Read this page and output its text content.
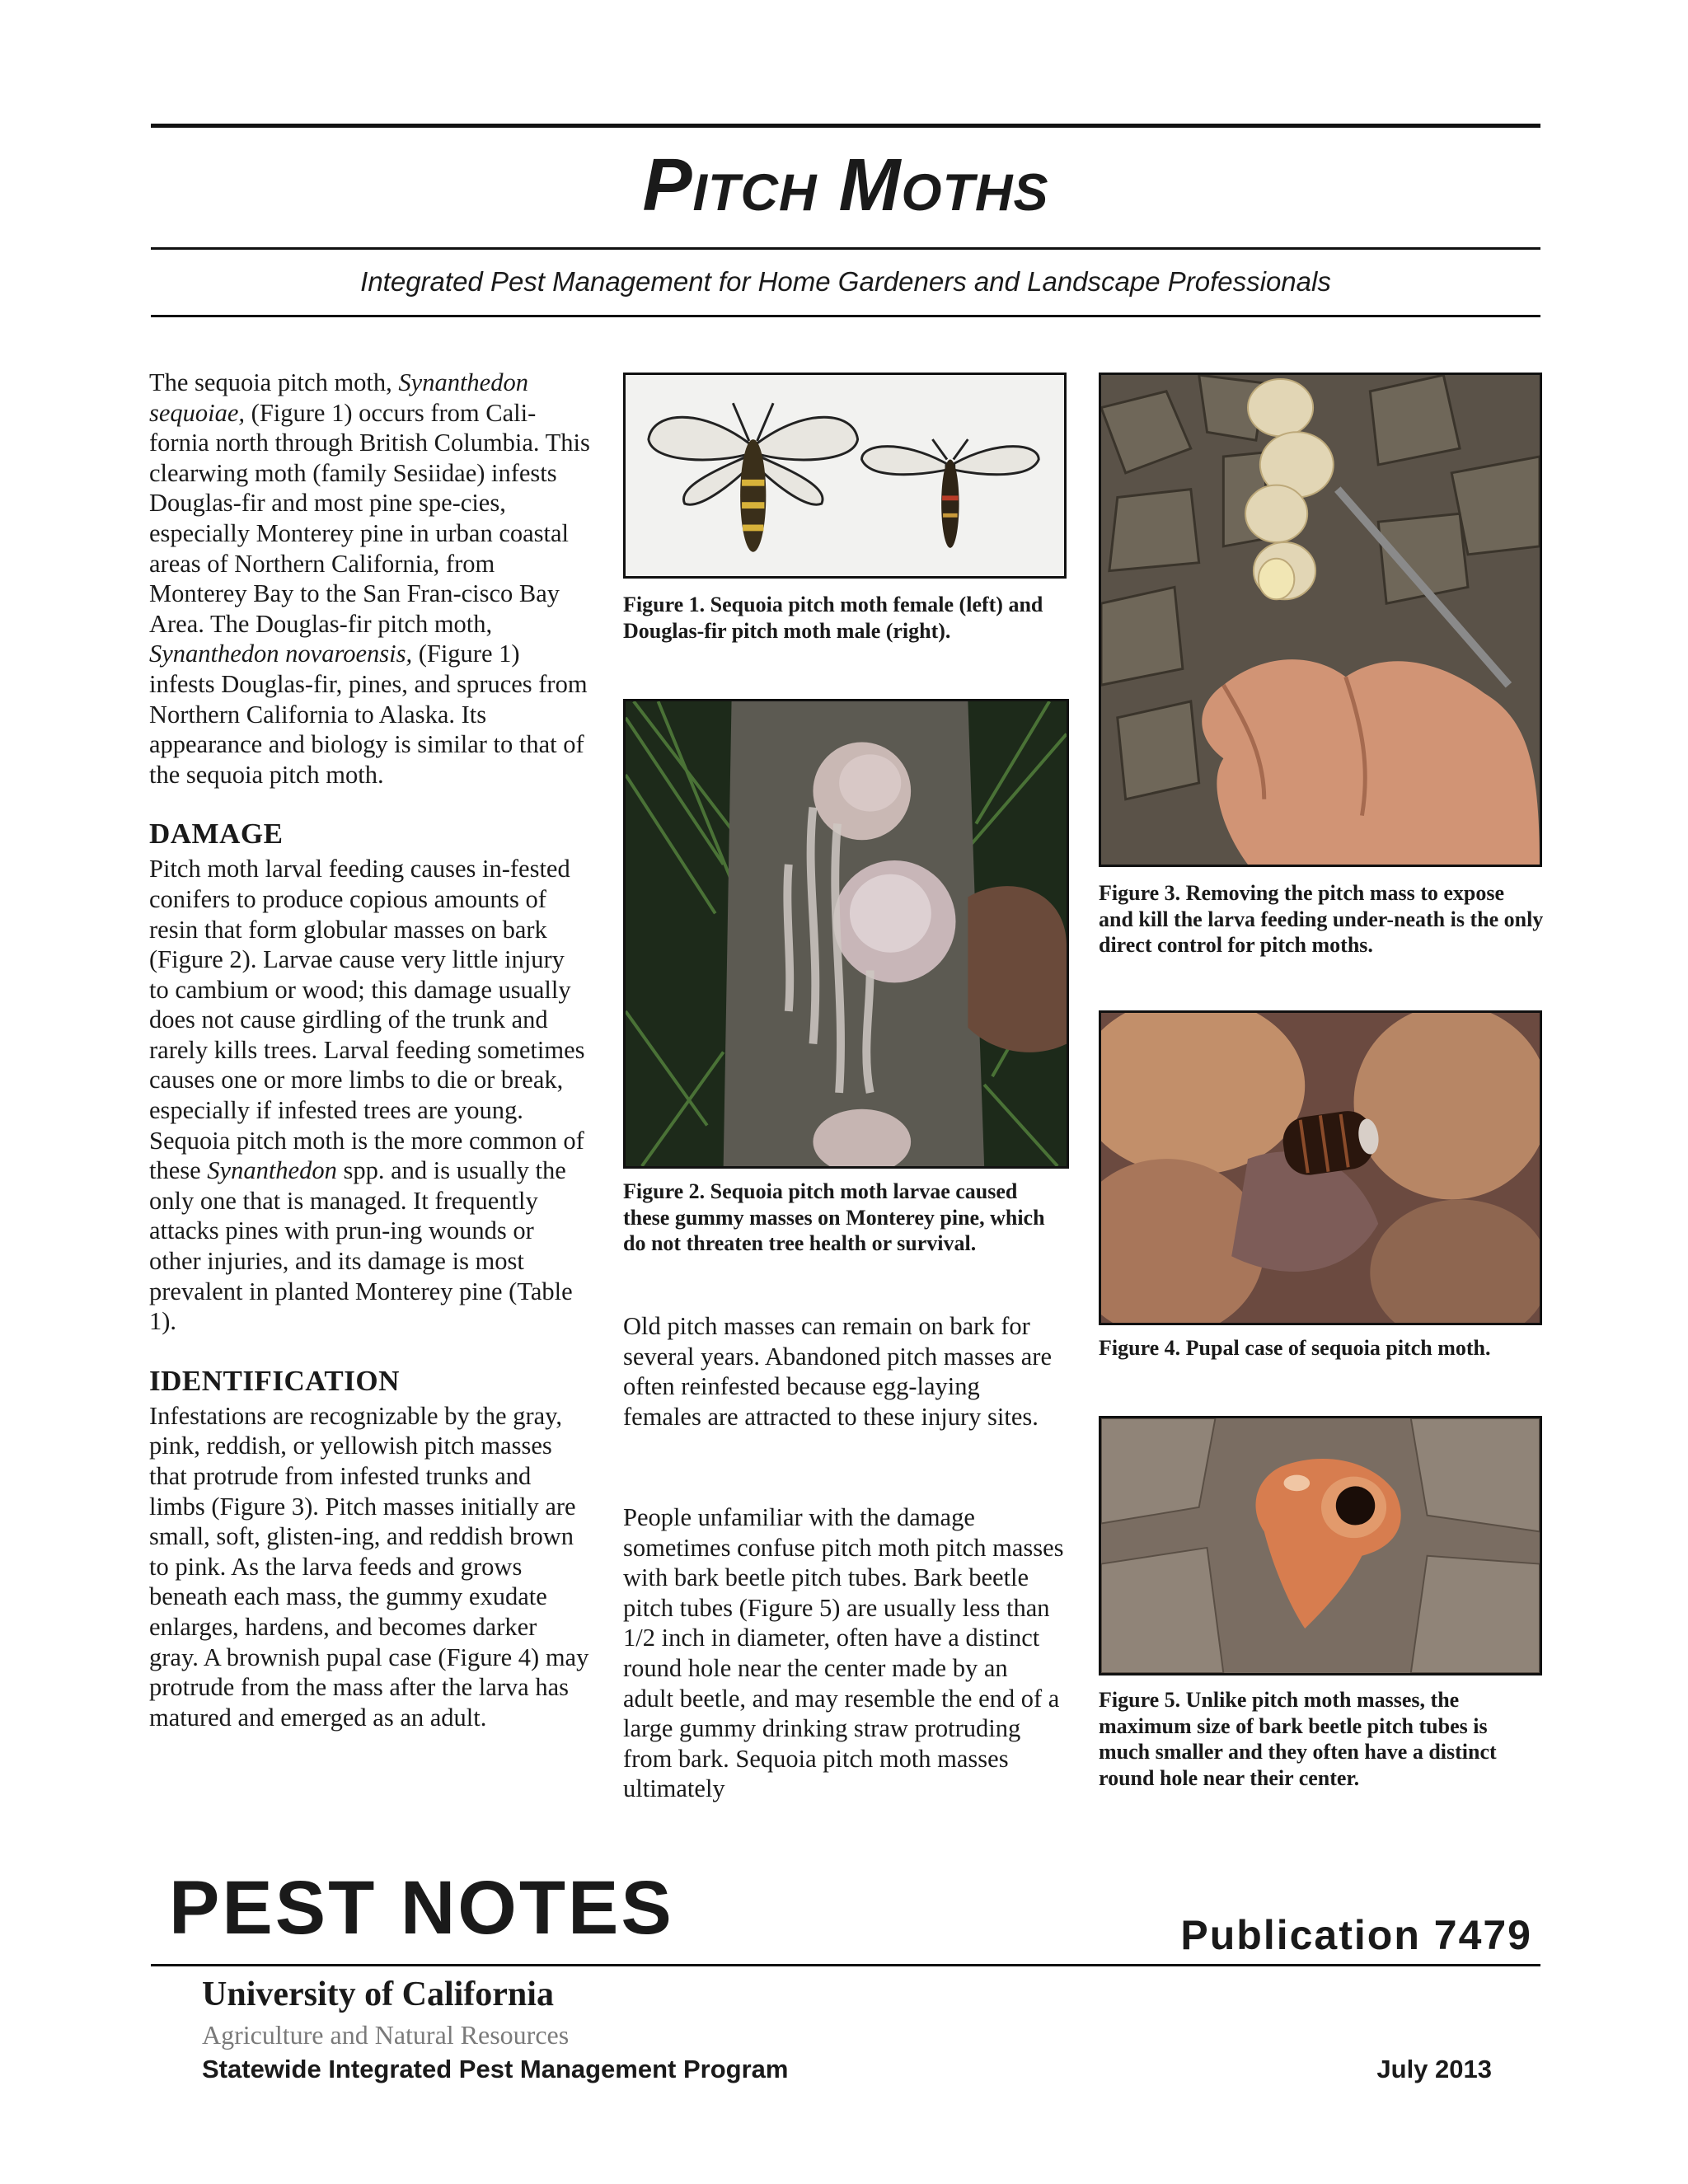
Pitch Moths
Integrated Pest Management for Home Gardeners and Landscape Professionals

The sequoia pitch moth, Synanthedon sequoiae, (Figure 1) occurs from Cali-fornia north through British Columbia. This clearwing moth (family Sesiidae) infests Douglas-fir and most pine spe-cies, especially Monterey pine in urban coastal areas of Northern California, from Monterey Bay to the San Fran-cisco Bay Area. The Douglas-fir pitch moth, Synanthedon novaroensis, (Figure 1) infests Douglas-fir, pines, and spruces from Northern California to Alaska. Its appearance and biology is similar to that of the sequoia pitch moth.

DAMAGE

Pitch moth larval feeding causes in-fested conifers to produce copious amounts of resin that form globular masses on bark (Figure 2). Larvae cause very little injury to cambium or wood; this damage usually does not cause girdling of the trunk and rarely kills trees. Larval feeding sometimes causes one or more limbs to die or break, especially if infested trees are young. Sequoia pitch moth is the more common of these Synanthedon spp. and is usually the only one that is managed. It frequently attacks pines with prun-ing wounds or other injuries, and its damage is most prevalent in planted Monterey pine (Table 1).

IDENTIFICATION

Infestations are recognizable by the gray, pink, reddish, or yellowish pitch masses that protrude from infested trunks and limbs (Figure 3). Pitch masses initially are small, soft, glisten-ing, and reddish brown to pink. As the larva feeds and grows beneath each mass, the gummy exudate enlarges, hardens, and becomes darker gray. A brownish pupal case (Figure 4) may protrude from the mass after the larva has matured and emerged as an adult.

Figure 1. Sequoia pitch moth female (left) and Douglas-fir pitch moth male (right).
Figure 2. Sequoia pitch moth larvae caused these gummy masses on Monterey pine, which do not threaten tree health or survival.

Old pitch masses can remain on bark for several years. Abandoned pitch masses are often reinfested because egg-laying females are attracted to these injury sites.

People unfamiliar with the damage sometimes confuse pitch moth pitch masses with bark beetle pitch tubes. Bark beetle pitch tubes (Figure 5) are usually less than 1/2 inch in diameter, often have a distinct round hole near the center made by an adult beetle, and may resemble the end of a large gummy drinking straw protruding from bark. Sequoia pitch moth masses ultimately

Figure 3. Removing the pitch mass to expose and kill the larva feeding under-neath is the only direct control for pitch moths.
Figure 4. Pupal case of sequoia pitch moth.
Figure 5. Unlike pitch moth masses, the maximum size of bark beetle pitch tubes is much smaller and they often have a distinct round hole near their center.
PEST NOTES	Publication 7479
University of California
Agriculture and Natural Resources
Statewide Integrated Pest Management Program	July 2013
